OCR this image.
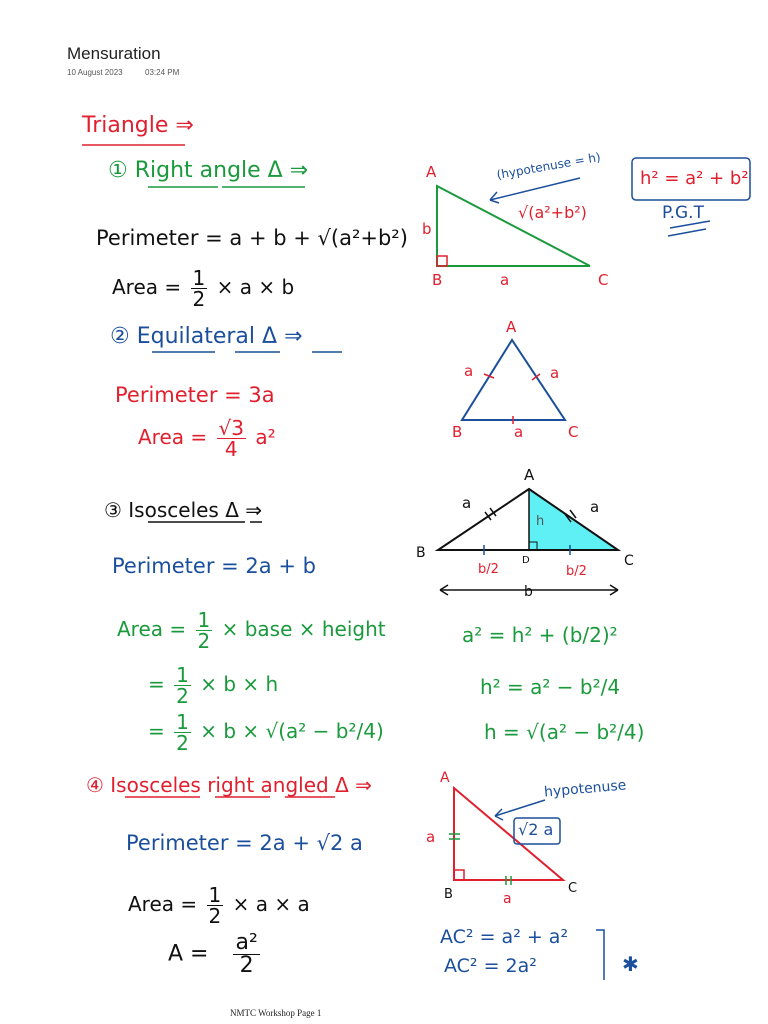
Mensuration
10 August 2023	03:24 PM
Triangle ⇒
① Right angle Δ ⇒
Perimeter = a + b + √(a²+b²)
Area = $\frac{1}{2} \times a \times b$
A
b
B	a	C
(hypotenuse = h)
√(a²+b²)
h² = a² + b²
P.G.T
② Equilateral Δ ⇒
Perimeter = 3a
Area = $\frac{√3}{4} a^2$
A
a	a
B	a	C
③ Isosceles Δ ⇒
Perimeter = 2a + b
Area = $\frac{1}{2}$ × base × height
= $\frac{1}{2} \times b \times h$
= $\frac{1}{2} \times b \times √(a^2 - b^2/4)$
a² = h² + (b/2)²
h² = a² − b²/4
h = √(a² − b²/4)
A
a	a
h
B	D	C
b/2	b/2
b
④ Isosceles right angled Δ ⇒
Perimeter = 2a + √2 a
Area = $\frac{1}{2} \times a \times a$
$A = \frac{\text{a²}}{2}$
A
a
B	a
C
hypotenuse
√2 a
AC² = a² + a²
AC² = 2a²	✱
NMTC Workshop Page 1
